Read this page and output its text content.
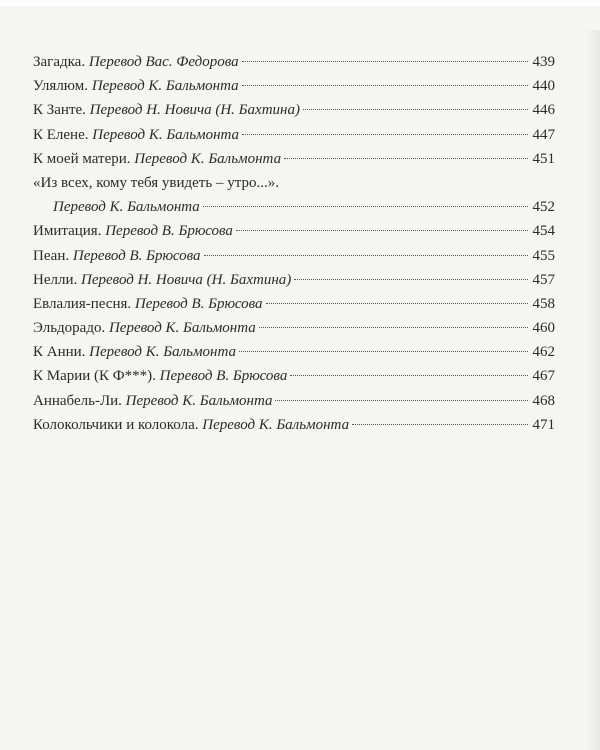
Загадка. Перевод Вас. Федорова	439
Улялюм. Перевод К. Бальмонта	440
К Занте. Перевод Н. Новича (Н. Бахтина)	446
К Елене. Перевод К. Бальмонта	447
К моей матери. Перевод К. Бальмонта	451
«Из всех, кому тебя увидеть – утро...».
Перевод К. Бальмонта	452
Имитация. Перевод В. Брюсова	454
Пеан. Перевод В. Брюсова	455
Нелли. Перевод Н. Новича (Н. Бахтина)	457
Евлалия-песня. Перевод В. Брюсова	458
Эльдорадо. Перевод К. Бальмонта	460
К Анни. Перевод К. Бальмонта	462
К Марии (К Ф***). Перевод В. Брюсова	467
Аннабель-Ли. Перевод К. Бальмонта	468
Колокольчики и колокола. Перевод К. Бальмонта	471
